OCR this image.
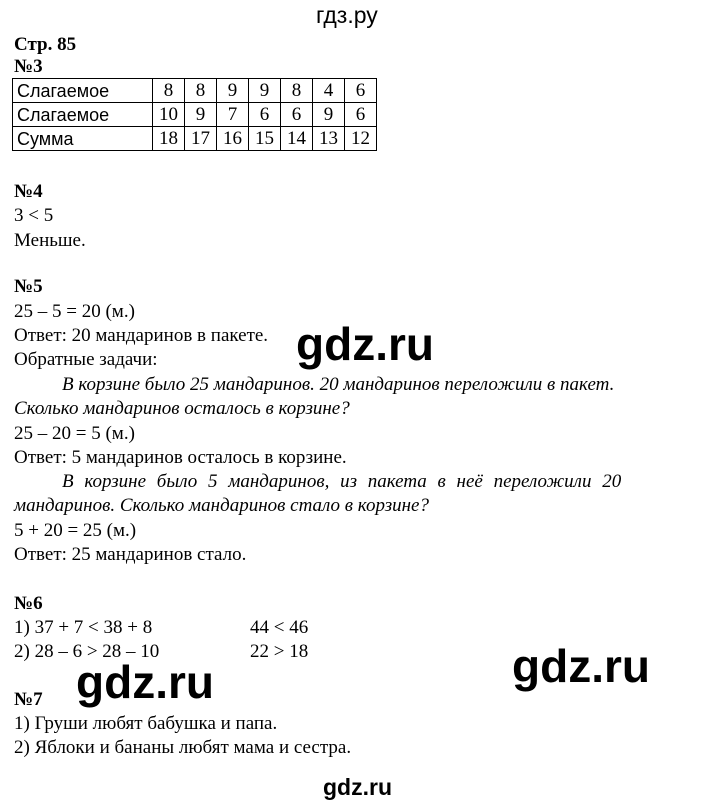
гдз.ру
Стр. 85
№3
Слагаемое	8	8	9	9	8	4	6
Слагаемое	10	9	7	6	6	9	6
Сумма	18	17	16	15	14	13	12
№4
3 < 5
Меньше.
№5
25 – 5 = 20 (м.)
Ответ: 20 мандаринов в пакете.
Обратные задачи:
В корзине было 25 мандаринов. 20 мандаринов переложили в пакет.
Сколько мандаринов осталось в корзине?
25 – 20 = 5 (м.)
Ответ: 5 мандаринов осталось в корзине.
В корзине было 5 мандаринов, из пакета в неё переложили 20
мандаринов. Сколько мандаринов стало в корзине?
5 + 20 = 25 (м.)
Ответ: 25 мандаринов стало.
№6
1) 37 + 7 < 38 + 8	44 < 46
2) 28 – 6 > 28 – 10	22 > 18
№7
1) Груши любят бабушка и папа.
2) Яблоки и бананы любят мама и сестра.
gdz.ru
gdz.ru	gdz.ru
gdz.ru
